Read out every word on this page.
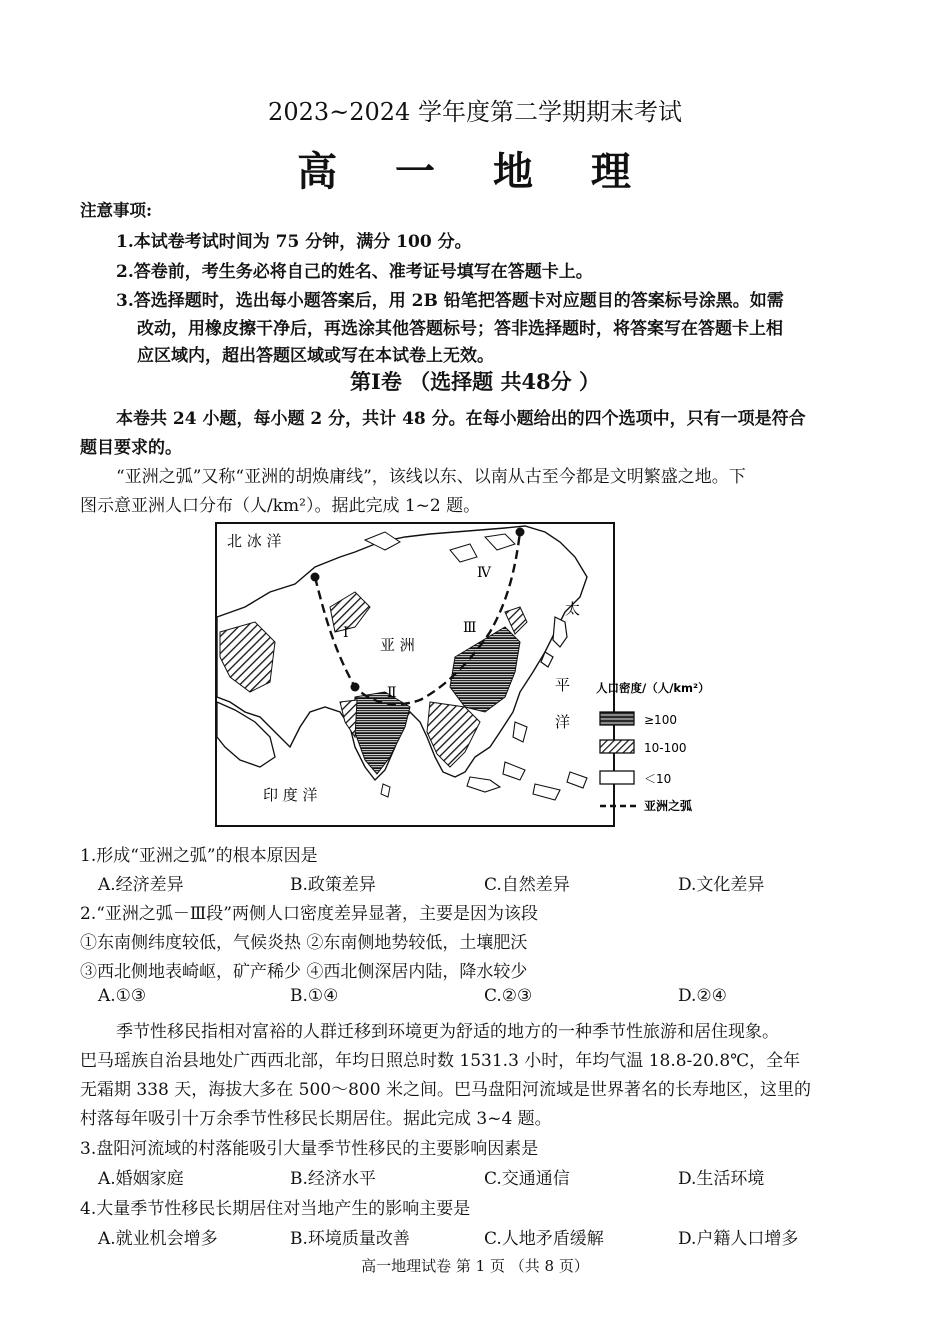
2023~2024 学年度第二学期期末考试
高 一 地 理
注意事项:
1.本试卷考试时间为 75 分钟，满分 100 分。
2.答卷前，考生务必将自己的姓名、准考证号填写在答题卡上。
3.答选择题时，选出每小题答案后，用 2B 铅笔把答题卡对应题目的答案标号涂黑。如需
改动，用橡皮擦干净后，再选涂其他答题标号；答非选择题时，将答案写在答题卡上相
应区域内，超出答题区域或写在本试卷上无效。
第Ⅰ卷 （选择题 共48分 ）
本卷共 24 小题，每小题 2 分，共计 48 分。在每小题给出的四个选项中，只有一项是符合
题目要求的。
“亚洲之弧”又称“亚洲的胡焕庸线”，该线以东、以南从古至今都是文明繁盛之地。下
图示意亚洲人口分布（人/km²）。据此完成 1~2 题。
北 冰 洋
亚 洲
太
平
洋
印 度 洋
Ⅰ
Ⅱ
Ⅲ
Ⅳ
人口密度/（人/km²）
≥100
10-100
＜10
亚洲之弧
1.形成“亚洲之弧”的根本原因是
A.经济差异	B.政策差异	C.自然差异	D.文化差异
2.“亚洲之弧－Ⅲ段”两侧人口密度差异显著，主要是因为该段
①东南侧纬度较低，气候炎热 ②东南侧地势较低，土壤肥沃
③西北侧地表崎岖，矿产稀少 ④西北侧深居内陆，降水较少
A.①③	B.①④	C.②③	D.②④
季节性移民指相对富裕的人群迁移到环境更为舒适的地方的一种季节性旅游和居住现象。
巴马瑶族自治县地处广西西北部，年均日照总时数 1531.3 小时，年均气温 18.8-20.8℃，全年
无霜期 338 天，海拔大多在 500～800 米之间。巴马盘阳河流域是世界著名的长寿地区，这里的
村落每年吸引十万余季节性移民长期居住。据此完成 3~4 题。
3.盘阳河流域的村落能吸引大量季节性移民的主要影响因素是
A.婚姻家庭	B.经济水平	C.交通通信	D.生活环境
4.大量季节性移民长期居住对当地产生的影响主要是
A.就业机会增多	B.环境质量改善	C.人地矛盾缓解	D.户籍人口增多
高一地理试卷 第 1 页 （共 8 页）
